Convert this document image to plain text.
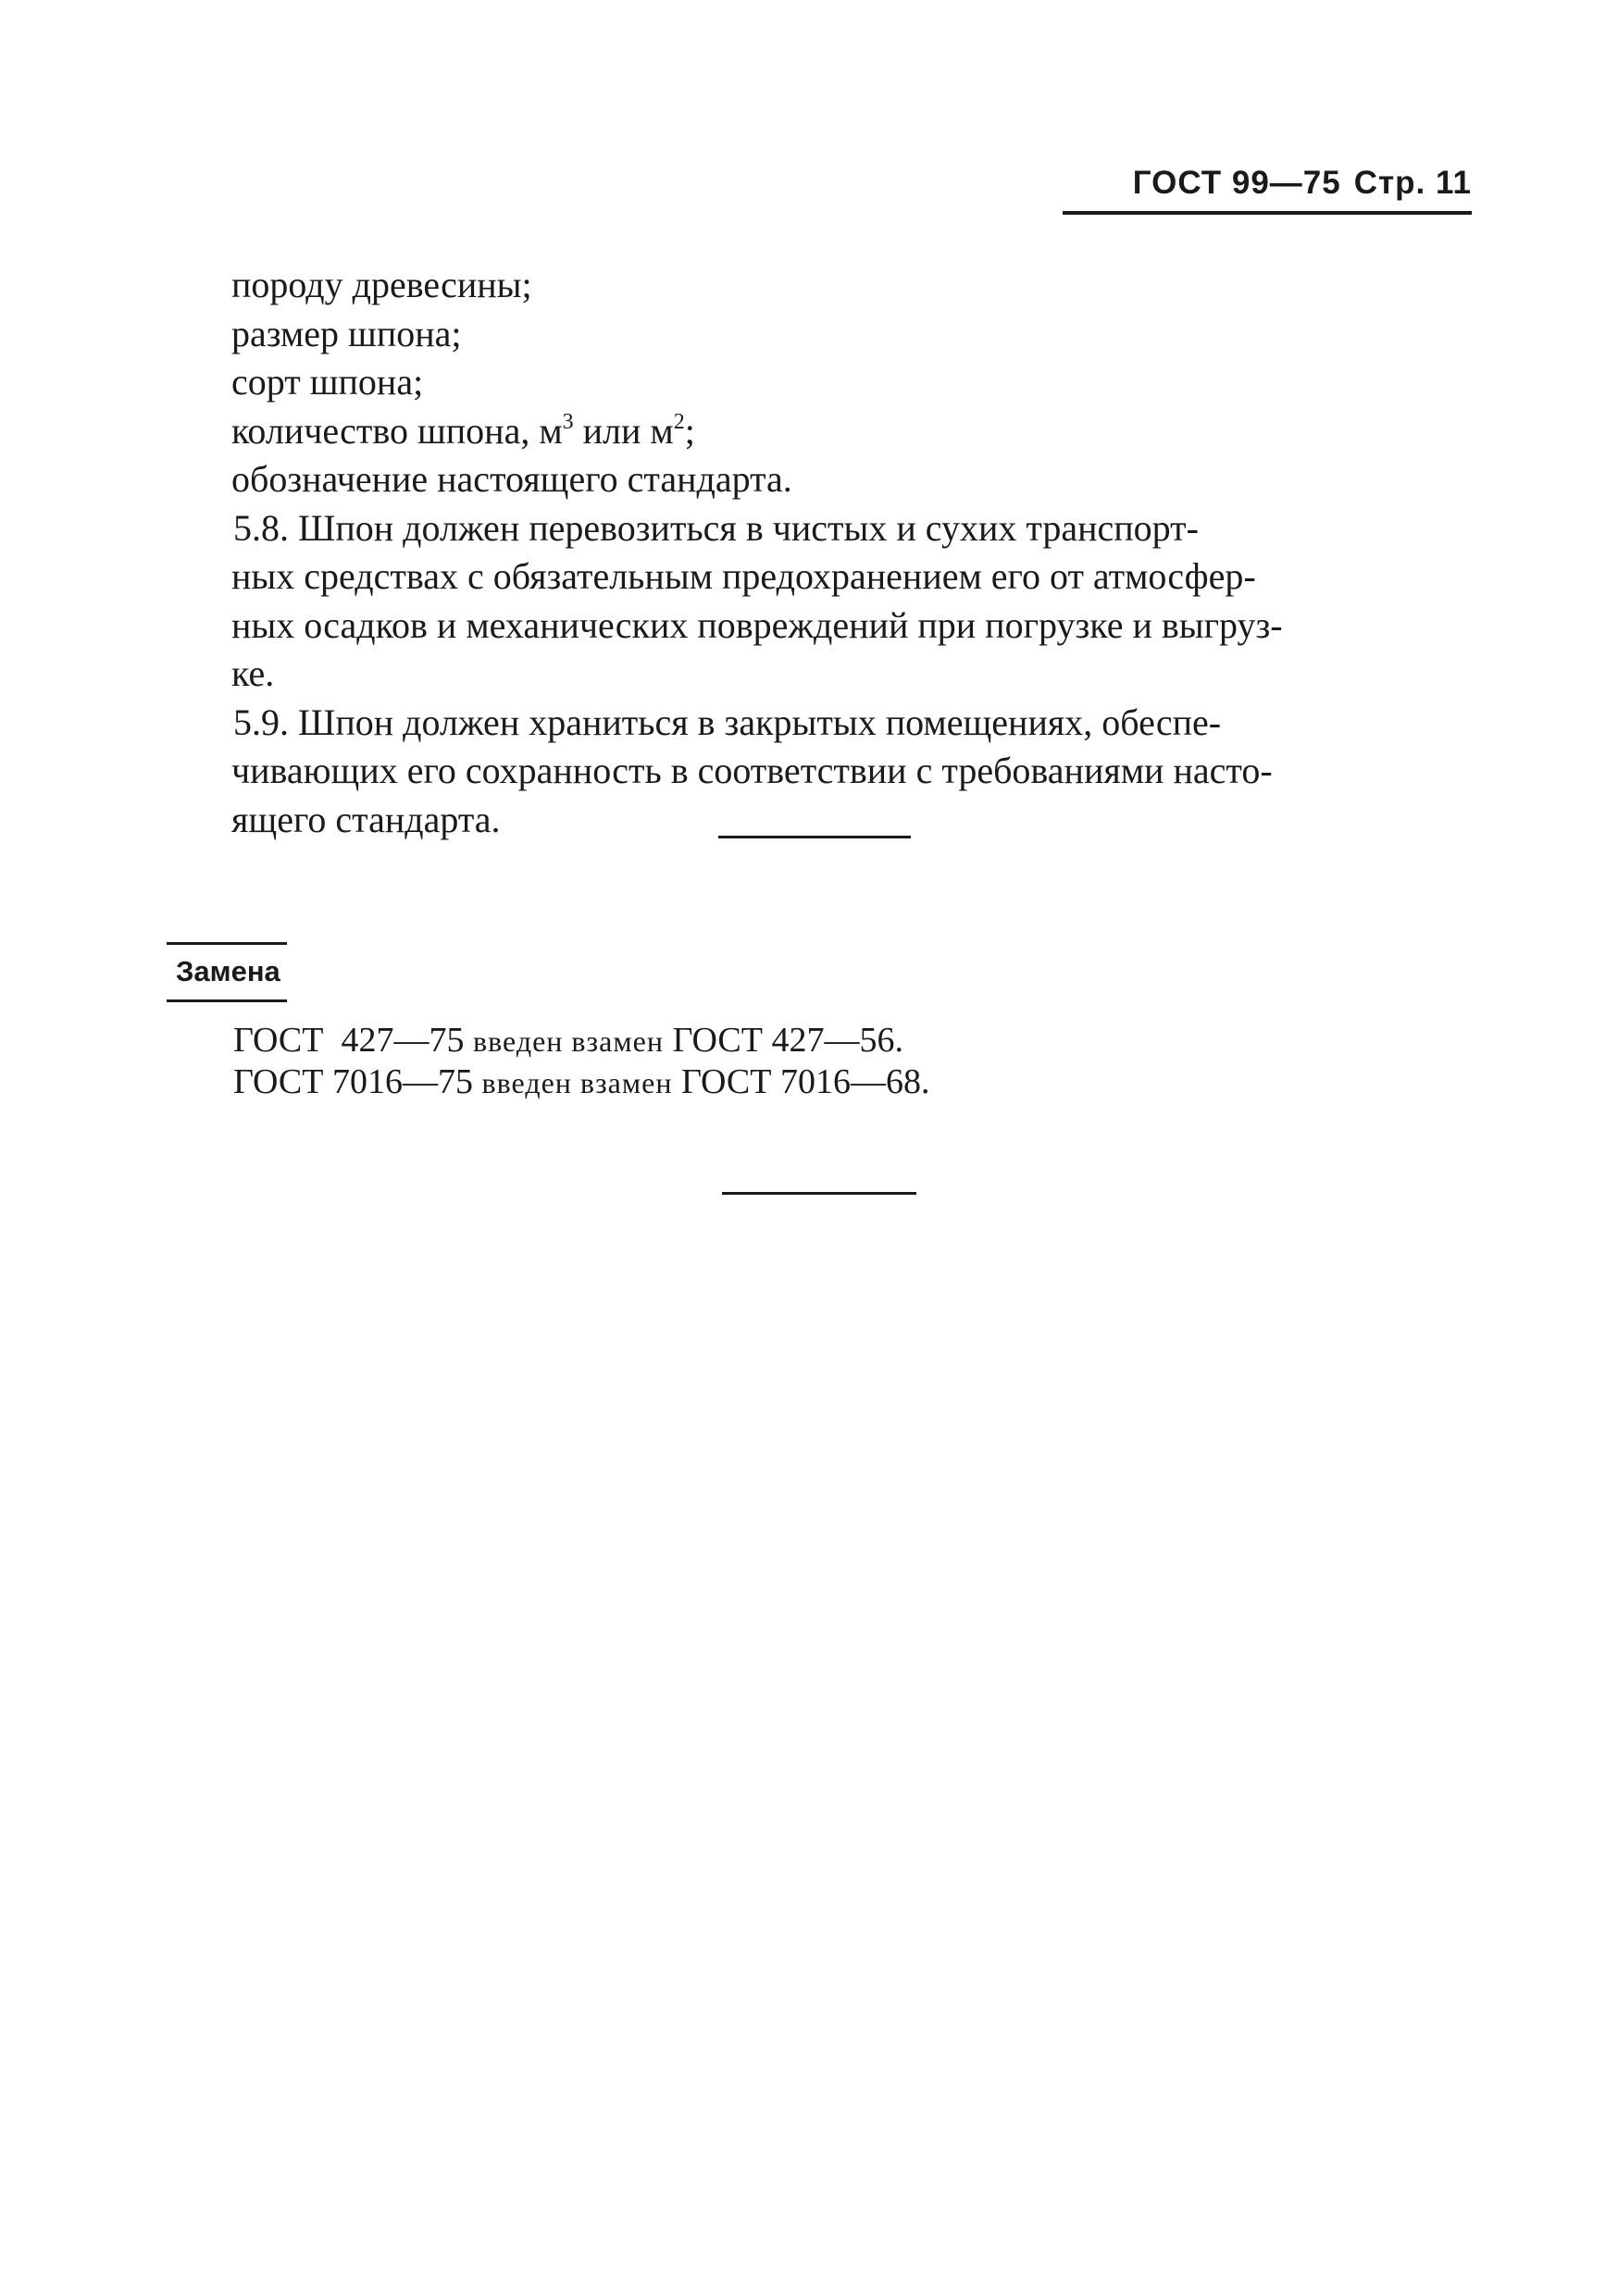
ГОСТ 99—75 Стр. 11
породу древесины;
размер шпона;
сорт шпона;
количество шпона, $м^3$ или $м^2$;
обозначение настоящего стандарта.
5.8. Шпон должен перевозиться в чистых и сухих транспорт-
ных средствах с обязательным предохранением его от атмосфер-
ных осадков и механических повреждений при погрузке и выгруз-
ке.
5.9. Шпон должен храниться в закрытых помещениях, обеспе-
чивающих его сохранность в соответствии с требованиями насто-
ящего стандарта.
Замена
ГОСТ  427—75 введен взамен ГОСТ 427—56.
ГОСТ 7016—75 введен взамен ГОСТ 7016—68.
